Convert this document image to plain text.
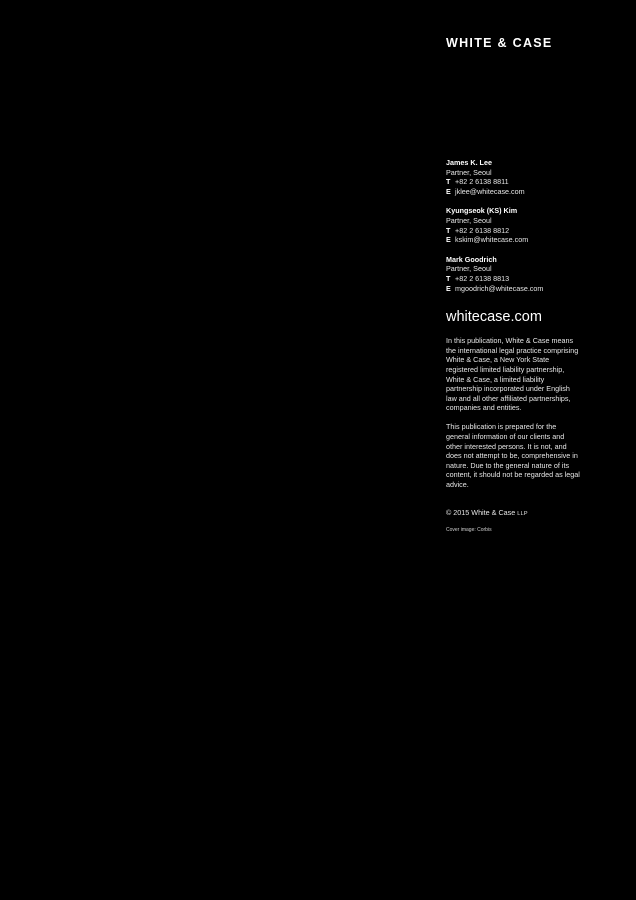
WHITE & CASE
James K. Lee
Partner, Seoul
T +82 2 6138 8811
E jklee@whitecase.com
Kyungseok (KS) Kim
Partner, Seoul
T +82 2 6138 8812
E kskim@whitecase.com
Mark Goodrich
Partner, Seoul
T +82 2 6138 8813
E mgoodrich@whitecase.com
whitecase.com
In this publication, White & Case means the international legal practice comprising White & Case, a New York State registered limited liability partnership, White & Case, a limited liability partnership incorporated under English law and all other affiliated partnerships, companies and entities.
This publication is prepared for the general information of our clients and other interested persons. It is not, and does not attempt to be, comprehensive in nature. Due to the general nature of its content, it should not be regarded as legal advice.
© 2015 White & Case LLP
Cover image: Corbis
